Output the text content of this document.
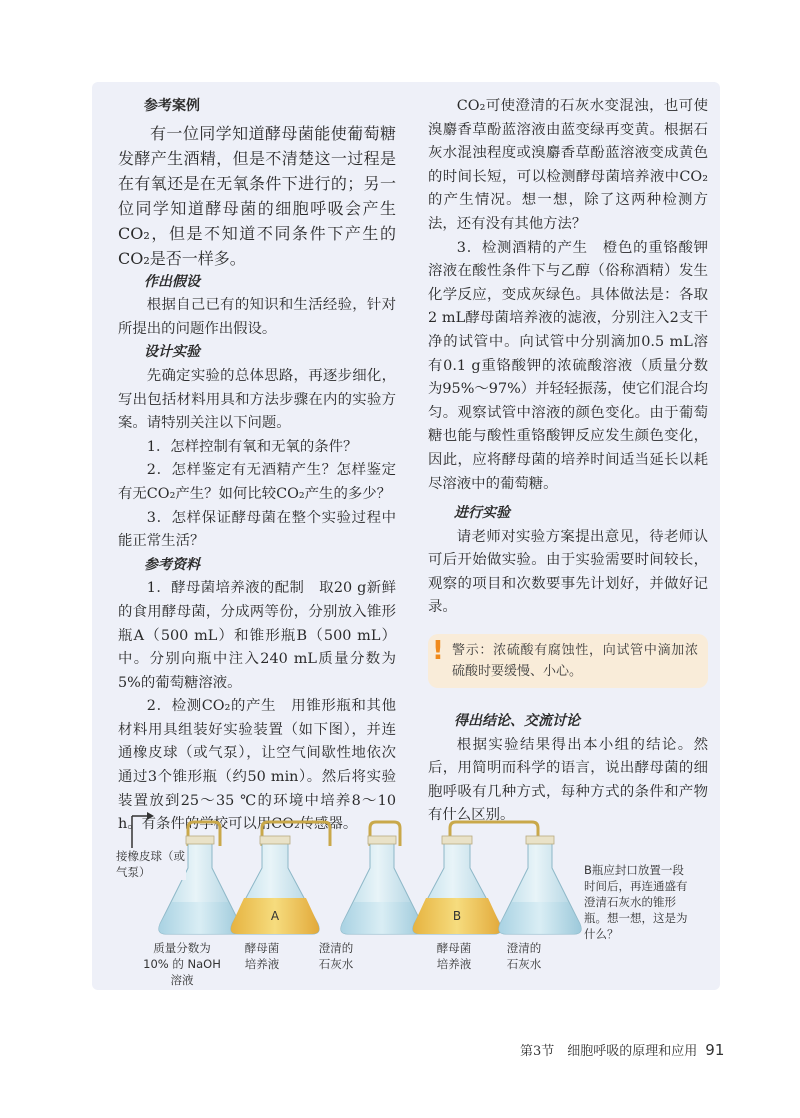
参考案例

有一位同学知道酵母菌能使葡萄糖发酵产生酒精，但是不清楚这一过程是在有氧还是在无氧条件下进行的；另一位同学知道酵母菌的细胞呼吸会产生CO₂，但是不知道不同条件下产生的CO₂是否一样多。

作出假设

根据自己已有的知识和生活经验，针对所提出的问题作出假设。

设计实验

先确定实验的总体思路，再逐步细化，写出包括材料用具和方法步骤在内的实验方案。请特别关注以下问题。

1．怎样控制有氧和无氧的条件？

2．怎样鉴定有无酒精产生？怎样鉴定有无CO₂产生？如何比较CO₂产生的多少？

3．怎样保证酵母菌在整个实验过程中能正常生活？

参考资料

1．酵母菌培养液的配制　取20 g新鲜的食用酵母菌，分成两等份，分别放入锥形瓶A（500 mL）和锥形瓶B（500 mL）中。分别向瓶中注入240 mL质量分数为5%的葡萄糖溶液。

2．检测CO₂的产生　用锥形瓶和其他材料用具组装好实验装置（如下图），并连通橡皮球（或气泵），让空气间歇性地依次通过3个锥形瓶（约50 min）。然后将实验装置放到25～35 ℃的环境中培养8～10 h。有条件的学校可以用CO₂传感器。

CO₂可使澄清的石灰水变混浊，也可使溴麝香草酚蓝溶液由蓝变绿再变黄。根据石灰水混浊程度或溴麝香草酚蓝溶液变成黄色的时间长短，可以检测酵母菌培养液中CO₂的产生情况。想一想，除了这两种检测方法，还有没有其他方法？

3．检测酒精的产生　橙色的重铬酸钾溶液在酸性条件下与乙醇（俗称酒精）发生化学反应，变成灰绿色。具体做法是：各取2 mL酵母菌培养液的滤液，分别注入2支干净的试管中。向试管中分别滴加0.5 mL溶有0.1 g重铬酸钾的浓硫酸溶液（质量分数为95%～97%）并轻轻振荡，使它们混合均匀。观察试管中溶液的颜色变化。由于葡萄糖也能与酸性重铬酸钾反应发生颜色变化，因此，应将酵母菌的培养时间适当延长以耗尽溶液中的葡萄糖。

进行实验

请老师对实验方案提出意见，待老师认可后开始做实验。由于实验需要时间较长，观察的项目和次数要事先计划好，并做好记录。

! 警示：浓硫酸有腐蚀性，向试管中滴加浓硫酸时要缓慢、小心。

得出结论、交流讨论

根据实验结果得出本小组的结论。然后，用简明而科学的语言，说出酵母菌的细胞呼吸有几种方式，每种方式的条件和产物有什么区别。

A	B
接橡皮球（或气泵）
质量分数为 10% 的 NaOH 溶液
酵母菌培养液
澄清的石灰水
酵母菌培养液
澄清的石灰水
B瓶应封口放置一段时间后，再连通盛有澄清石灰水的锥形瓶。想一想，这是为什么？
第3节　细胞呼吸的原理和应用 91
